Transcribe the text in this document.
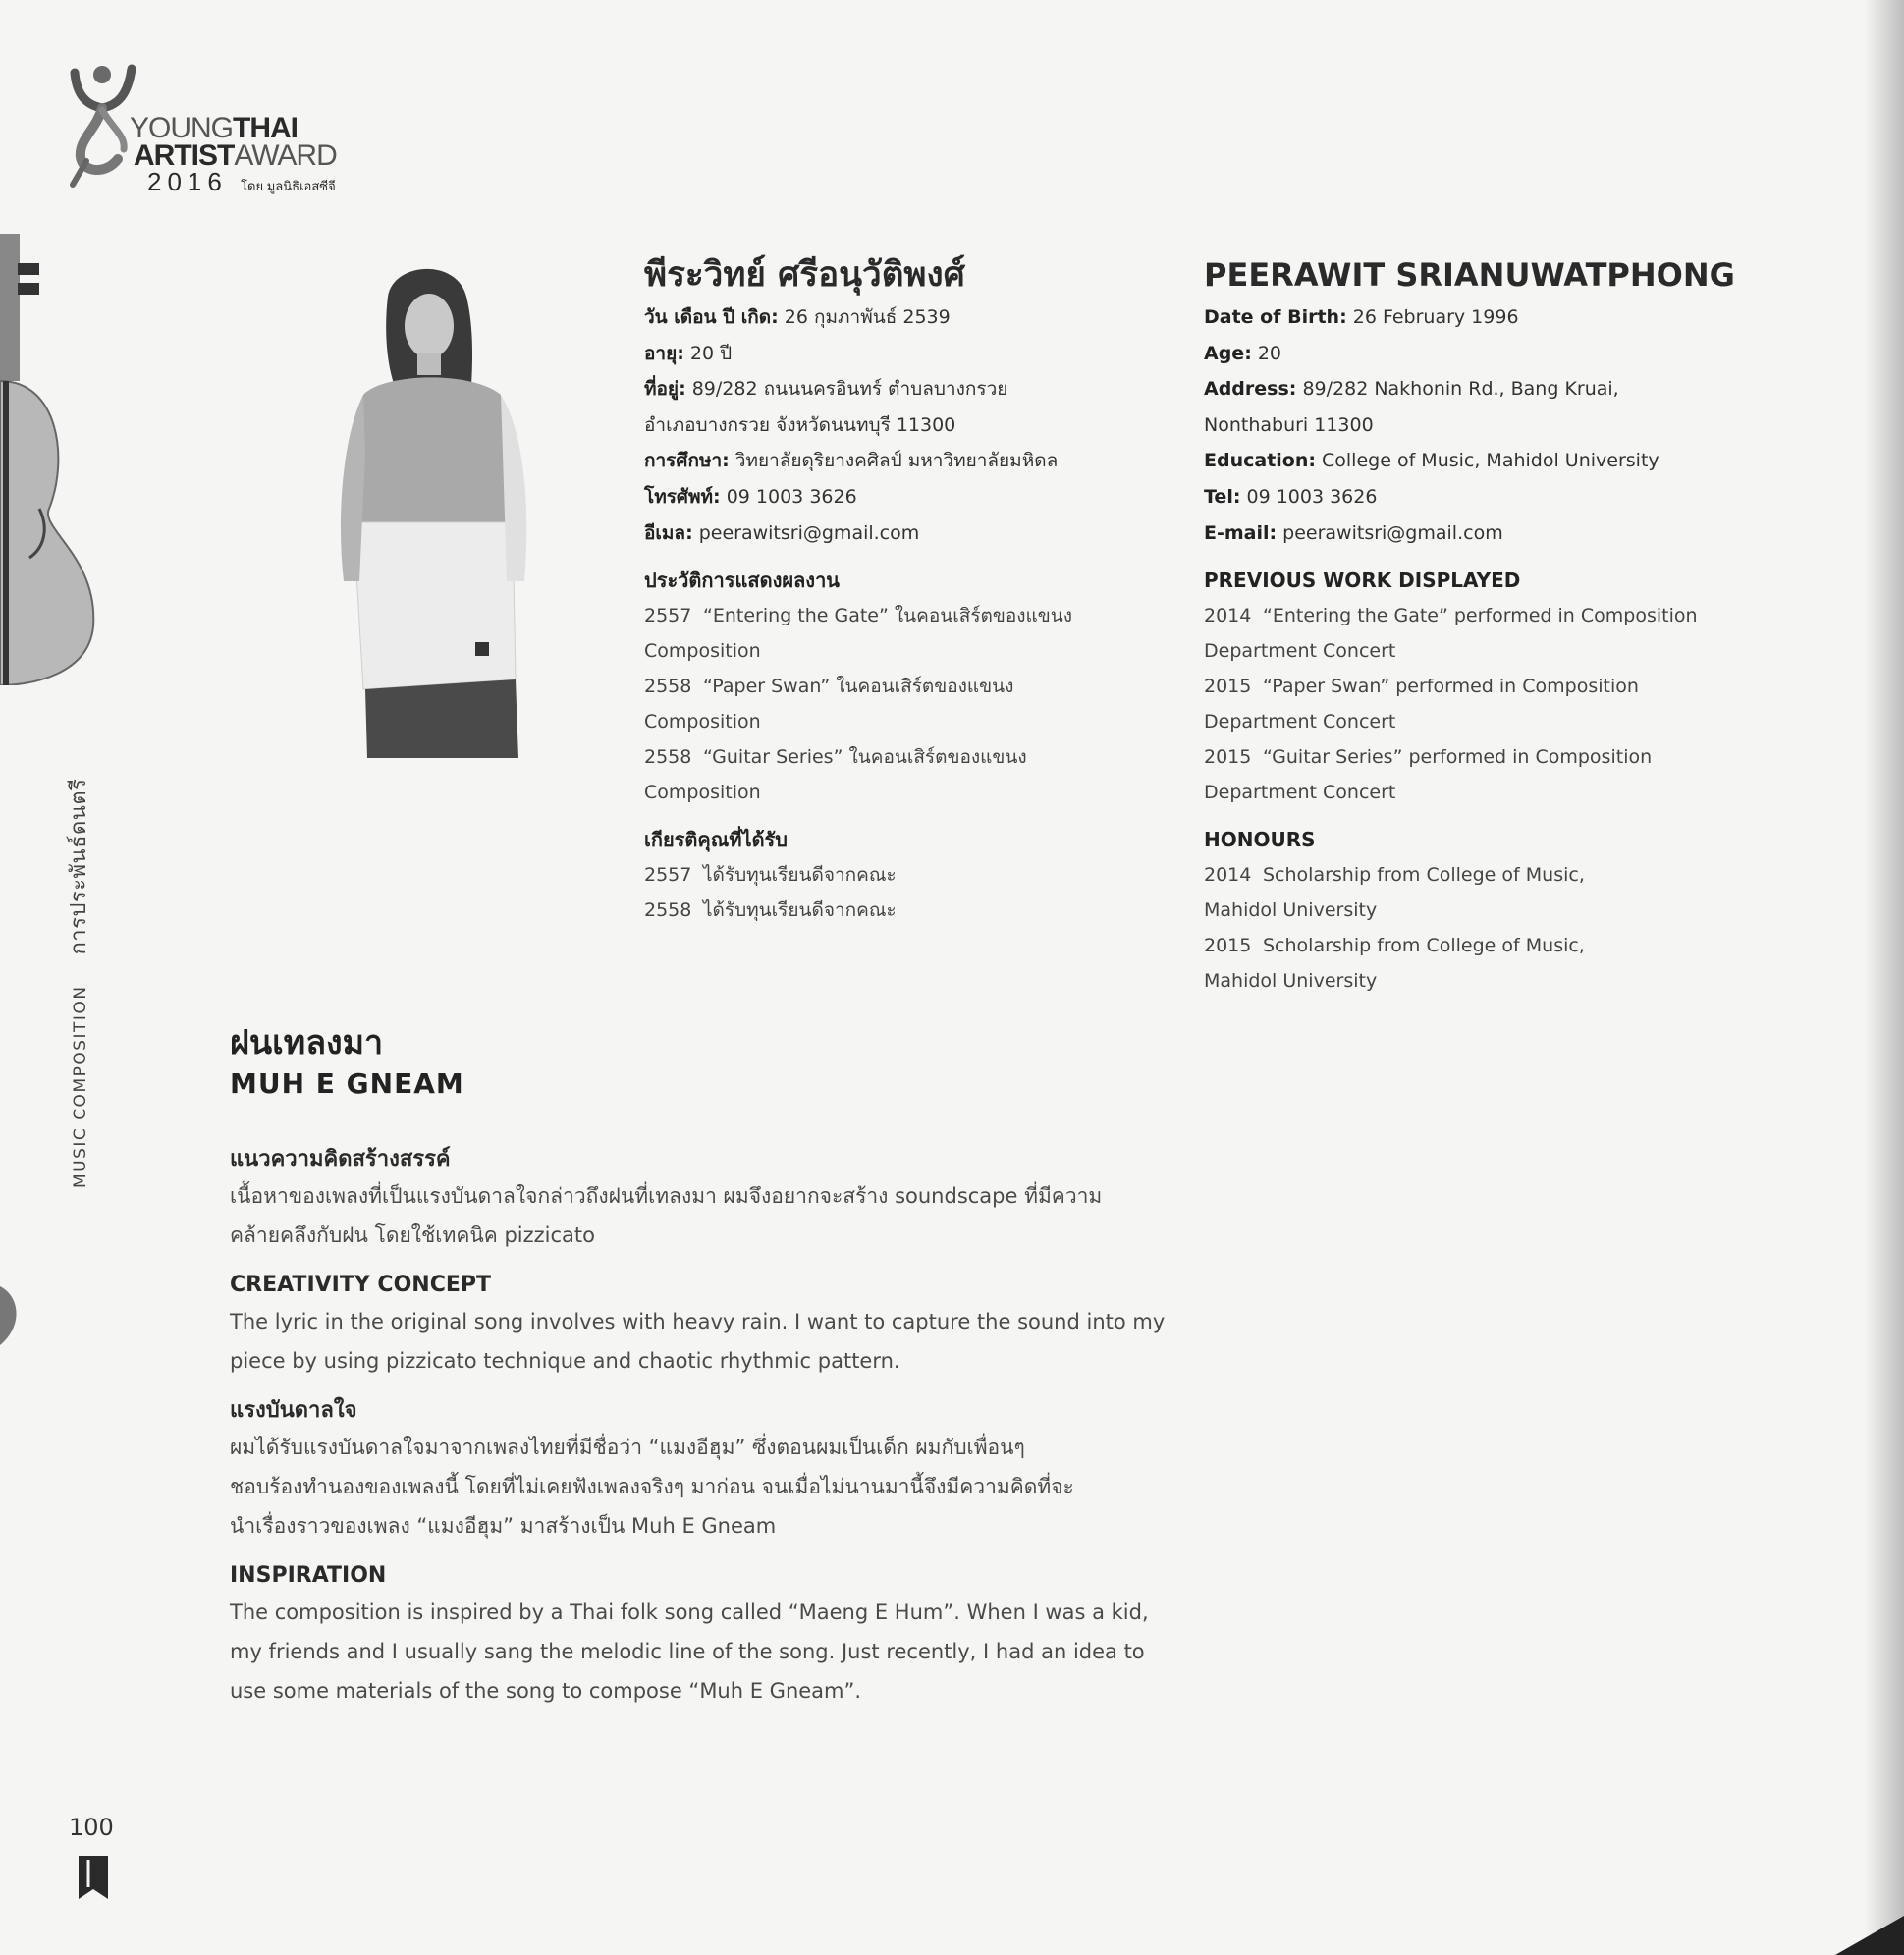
YOUNGTHAI
ARTISTAWARD
2016 โดย มูลนิธิเอสซีจี
MUSIC COMPOSITION การประพันธ์ดนตรี
พีระวิทย์ ศรีอนุวัติพงศ์
วัน เดือน ปี เกิด: 26 กุมภาพันธ์ 2539
อายุ: 20 ปี
ที่อยู่: 89/282 ถนนนครอินทร์ ตำบลบางกรวย
อำเภอบางกรวย จังหวัดนนทบุรี 11300
การศึกษา: วิทยาลัยดุริยางคศิลป์ มหาวิทยาลัยมหิดล
โทรศัพท์: 09 1003 3626
อีเมล: peerawitsri@gmail.com
ประวัติการแสดงผลงาน
2557 “Entering the Gate” ในคอนเสิร์ตของแขนง
Composition
2558 “Paper Swan” ในคอนเสิร์ตของแขนง
Composition
2558 “Guitar Series” ในคอนเสิร์ตของแขนง
Composition
เกียรติคุณที่ได้รับ
2557 ได้รับทุนเรียนดีจากคณะ
2558 ได้รับทุนเรียนดีจากคณะ
PEERAWIT SRIANUWATPHONG
Date of Birth: 26 February 1996
Age: 20
Address: 89/282 Nakhonin Rd., Bang Kruai,
Nonthaburi 11300
Education: College of Music, Mahidol University
Tel: 09 1003 3626
E-mail: peerawitsri@gmail.com
PREVIOUS WORK DISPLAYED
2014 “Entering the Gate” performed in Composition
Department Concert
2015 “Paper Swan” performed in Composition
Department Concert
2015 “Guitar Series” performed in Composition
Department Concert
HONOURS
2014 Scholarship from College of Music,
Mahidol University
2015 Scholarship from College of Music,
Mahidol University
ฝนเทลงมา
MUH E GNEAM
แนวความคิดสร้างสรรค์
เนื้อหาของเพลงที่เป็นแรงบันดาลใจกล่าวถึงฝนที่เทลงมา ผมจึงอยากจะสร้าง soundscape ที่มีความ
คล้ายคลึงกับฝน โดยใช้เทคนิค pizzicato
CREATIVITY CONCEPT
The lyric in the original song involves with heavy rain. I want to capture the sound into my
piece by using pizzicato technique and chaotic rhythmic pattern.
แรงบันดาลใจ
ผมได้รับแรงบันดาลใจมาจากเพลงไทยที่มีชื่อว่า “แมงอีฮุม” ซึ่งตอนผมเป็นเด็ก ผมกับเพื่อนๆ
ชอบร้องทำนองของเพลงนี้ โดยที่ไม่เคยฟังเพลงจริงๆ มาก่อน จนเมื่อไม่นานมานี้จึงมีความคิดที่จะ
นำเรื่องราวของเพลง “แมงอีฮุม” มาสร้างเป็น Muh E Gneam
INSPIRATION
The composition is inspired by a Thai folk song called “Maeng E Hum”. When I was a kid,
my friends and I usually sang the melodic line of the song. Just recently, I had an idea to
use some materials of the song to compose “Muh E Gneam”.
100
